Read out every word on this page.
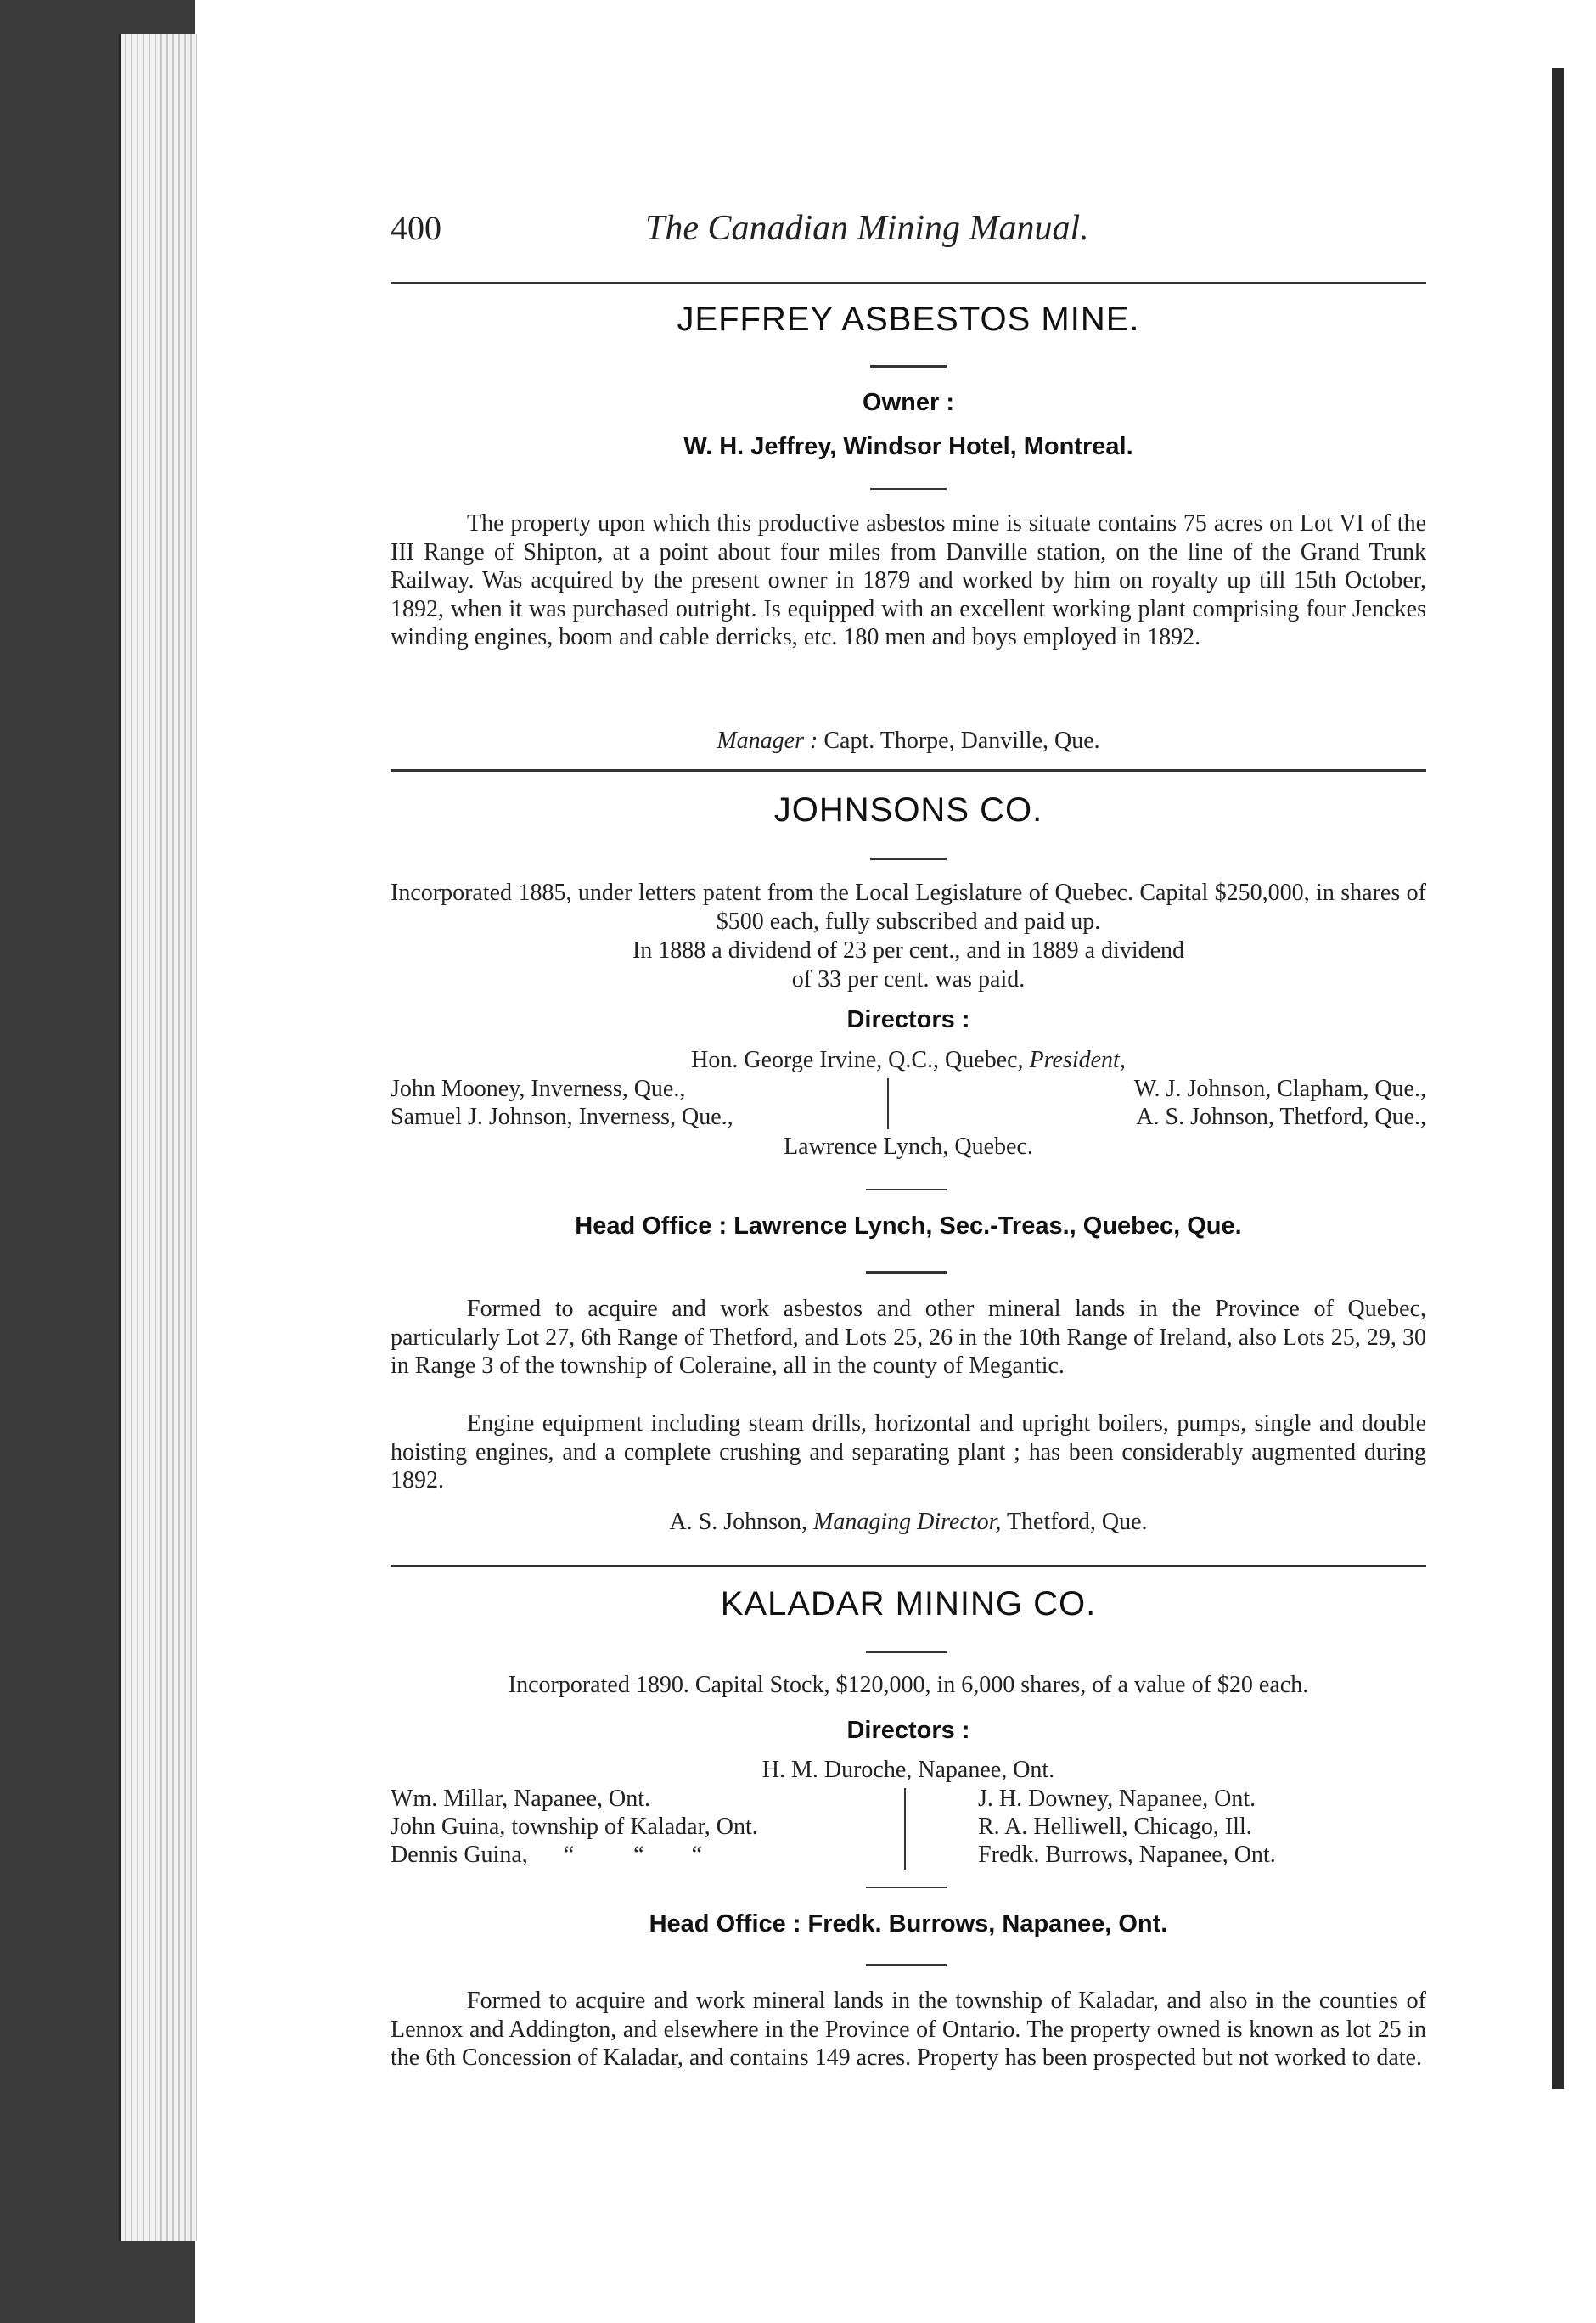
400	The Canadian Mining Manual.
JEFFREY ASBESTOS MINE.
Owner :
W. H. Jeffrey, Windsor Hotel, Montreal.
The property upon which this productive asbestos mine is situate contains 75 acres on Lot VI of the III Range of Shipton, at a point about four miles from Danville station, on the line of the Grand Trunk Railway. Was acquired by the present owner in 1879 and worked by him on royalty up till 15th October, 1892, when it was purchased outright. Is equipped with an excellent working plant comprising four Jenckes winding engines, boom and cable derricks, etc. 180 men and boys employed in 1892.
Manager : Capt. Thorpe, Danville, Que.
JOHNSONS CO.
Incorporated 1885, under letters patent from the Local Legislature of Quebec. Capital $250,000, in shares of $500 each, fully subscribed and paid up.
In 1888 a dividend of 23 per cent., and in 1889 a dividend
of 33 per cent. was paid.
Directors :
Hon. George Irvine, Q.C., Quebec, President,
John Mooney, Inverness, Que.,
Samuel J. Johnson, Inverness, Que.,
W. J. Johnson, Clapham, Que.,
A. S. Johnson, Thetford, Que.,
Lawrence Lynch, Quebec.
Head Office : Lawrence Lynch, Sec.-Treas., Quebec, Que.
Formed to acquire and work asbestos and other mineral lands in the Province of Quebec, particularly Lot 27, 6th Range of Thetford, and Lots 25, 26 in the 10th Range of Ireland, also Lots 25, 29, 30 in Range 3 of the township of Coleraine, all in the county of Megantic.
Engine equipment including steam drills, horizontal and upright boilers, pumps, single and double hoisting engines, and a complete crushing and separating plant ; has been considerably augmented during 1892.
A. S. Johnson, Managing Director, Thetford, Que.
KALADAR MINING CO.
Incorporated 1890. Capital Stock, $120,000, in 6,000 shares, of a value of $20 each.
Directors :
H. M. Duroche, Napanee, Ont.
Wm. Millar, Napanee, Ont.
John Guina, township of Kaladar, Ont.
Dennis Guina,      “          “        “
J. H. Downey, Napanee, Ont.
R. A. Helliwell, Chicago, Ill.
Fredk. Burrows, Napanee, Ont.
Head Office : Fredk. Burrows, Napanee, Ont.
Formed to acquire and work mineral lands in the township of Kaladar, and also in the counties of Lennox and Addington, and elsewhere in the Province of Ontario. The property owned is known as lot 25 in the 6th Concession of Kaladar, and contains 149 acres. Property has been prospected but not worked to date.
